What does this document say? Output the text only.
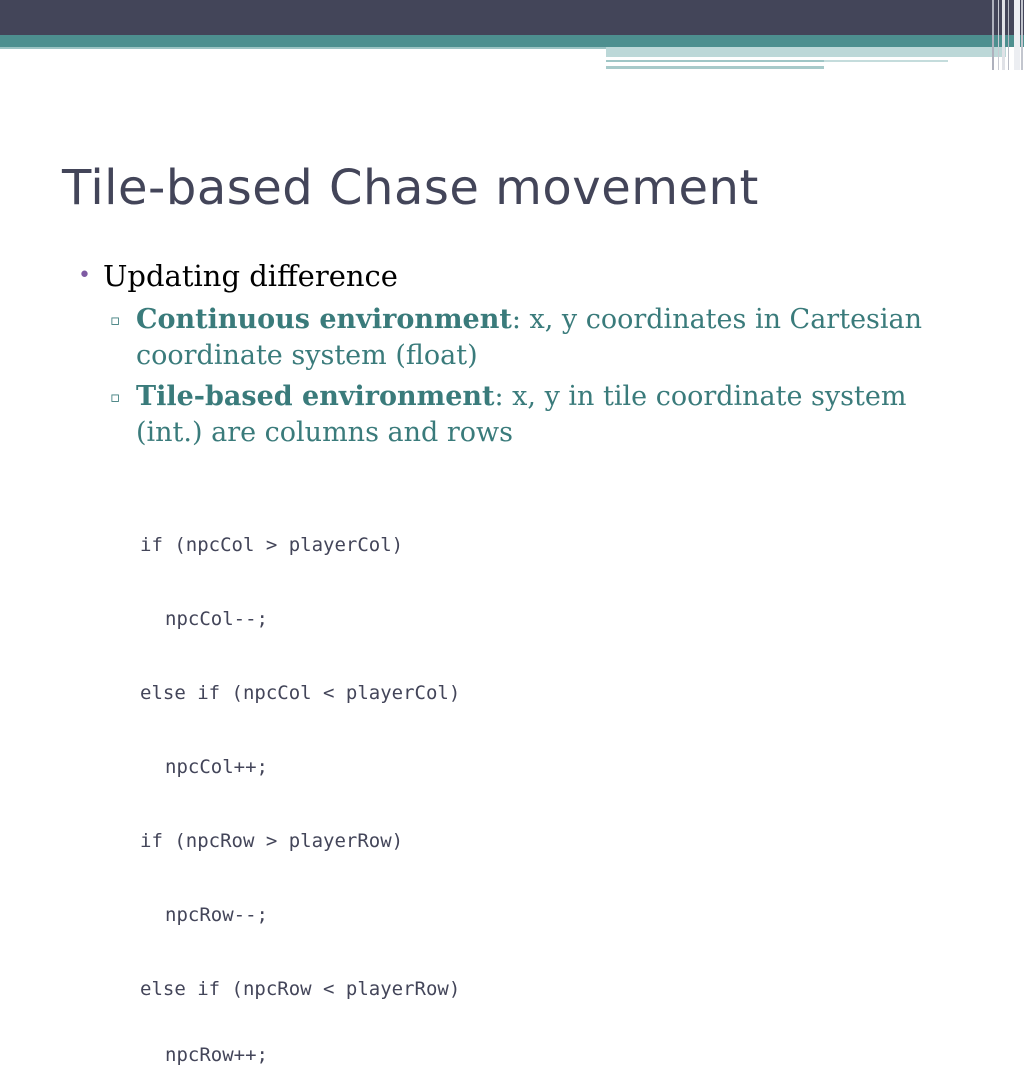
Tile-based Chase movement
• Updating difference
▫ Continuous environment: x, y coordinates in Cartesian coordinate system (float)
▫ Tile-based environment: x, y in tile coordinate system (int.) are columns and rows

if (npcCol > playerCol)

npcCol--;

else if (npcCol < playerCol)

npcCol++;

if (npcRow > playerRow)

npcRow--;

else if (npcRow < playerRow)

npcRow++;
